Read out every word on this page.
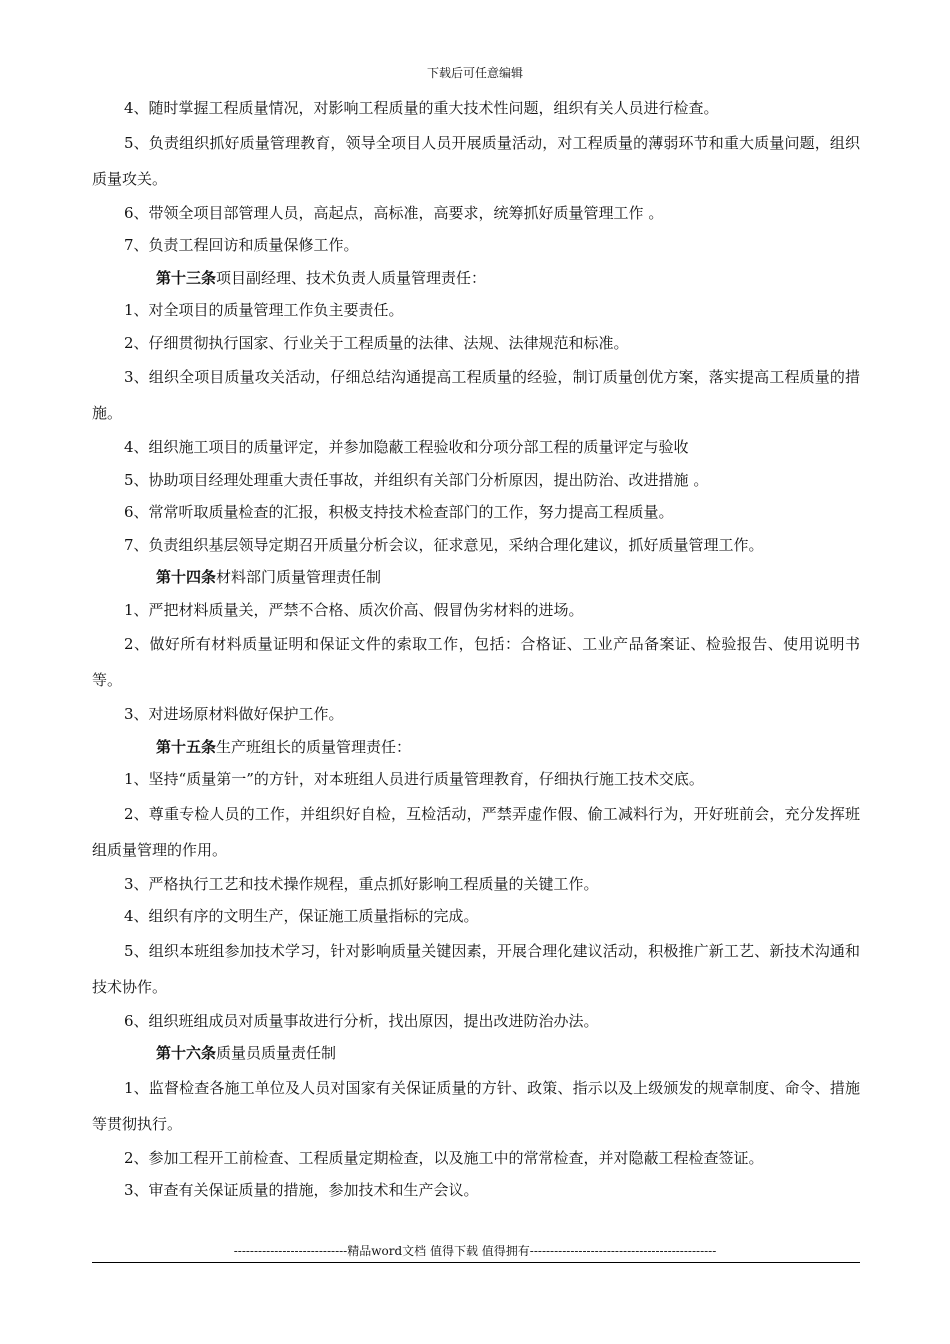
下载后可任意编辑

4、随时掌握工程质量情况，对影响工程质量的重大技术性问题，组织有关人员进行检查。

5、负责组织抓好质量管理教育，领导全项目人员开展质量活动，对工程质量的薄弱环节和重大质量问题，组织质量攻关。

6、带领全项目部管理人员，高起点，高标准，高要求，统筹抓好质量管理工作 。

7、负责工程回访和质量保修工作。

第十三条项目副经理、技术负责人质量管理责任：

1、对全项目的质量管理工作负主要责任。

2、仔细贯彻执行国家、行业关于工程质量的法律、法规、法律规范和标准。

3、组织全项目质量攻关活动，仔细总结沟通提高工程质量的经验，制订质量创优方案，落实提高工程质量的措施。

4、组织施工项目的质量评定，并参加隐蔽工程验收和分项分部工程的质量评定与验收

5、协助项目经理处理重大责任事故，并组织有关部门分析原因，提出防治、改进措施 。

6、常常听取质量检查的汇报，积极支持技术检查部门的工作，努力提高工程质量。

7、负责组织基层领导定期召开质量分析会议，征求意见，采纳合理化建议，抓好质量管理工作。

第十四条材料部门质量管理责任制

1、严把材料质量关，严禁不合格、质次价高、假冒伪劣材料的进场。

2、做好所有材料质量证明和保证文件的索取工作，包括：合格证、工业产品备案证、检验报告、使用说明书等。

3、对进场原材料做好保护工作。

第十五条生产班组长的质量管理责任：

1、坚持“质量第一”的方针，对本班组人员进行质量管理教育，仔细执行施工技术交底。

2、尊重专检人员的工作，并组织好自检，互检活动，严禁弄虚作假、偷工减料行为，开好班前会，充分发挥班组质量管理的作用。

3、严格执行工艺和技术操作规程，重点抓好影响工程质量的关键工作。

4、组织有序的文明生产，保证施工质量指标的完成。

5、组织本班组参加技术学习，针对影响质量关键因素，开展合理化建议活动，积极推广新工艺、新技术沟通和技术协作。

6、组织班组成员对质量事故进行分析，找出原因，提出改进防治办法。

第十六条质量员质量责任制

1、监督检查各施工单位及人员对国家有关保证质量的方针、政策、指示以及上级颁发的规章制度、命令、措施等贯彻执行。

2、参加工程开工前检查、工程质量定期检查，以及施工中的常常检查，并对隐蔽工程检查签证。

3、审查有关保证质量的措施，参加技术和生产会议。

----------------------------精品word文档 值得下载 值得拥有----------------------------------------------
